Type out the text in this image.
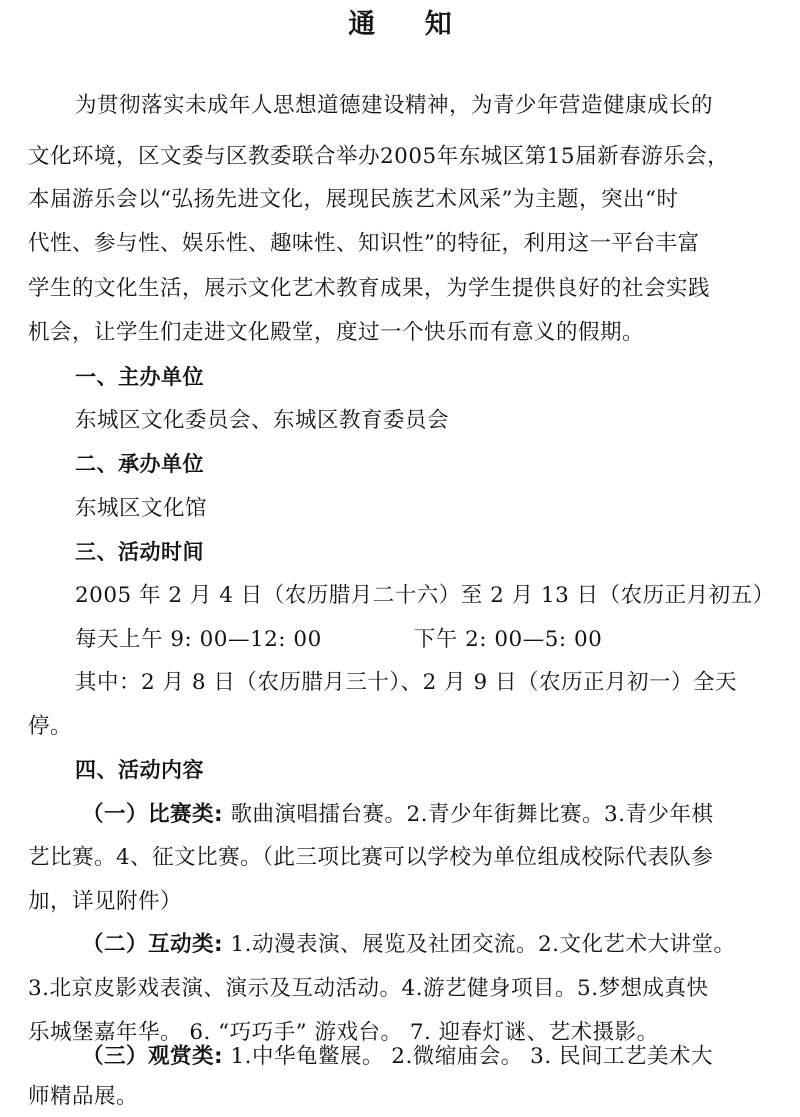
通 知
为贯彻落实未成年人思想道德建设精神，为青少年营造健康成长的
文化环境，区文委与区教委联合举办2005年东城区第15届新春游乐会，
本届游乐会以“弘扬先进文化，展现民族艺术风采”为主题，突出“时
代性、参与性、娱乐性、趣味性、知识性”的特征，利用这一平台丰富
学生的文化生活，展示文化艺术教育成果，为学生提供良好的社会实践
机会，让学生们走进文化殿堂，度过一个快乐而有意义的假期。
一、主办单位
东城区文化委员会、东城区教育委员会
二、承办单位
东城区文化馆
三、活动时间
2005 年 2 月 4 日（农历腊月二十六）至 2 月 13 日（农历正月初五）
每天上午 9: 00—12: 00	下午 2: 00—5: 00
其中：2 月 8 日（农历腊月三十）、2 月 9 日（农历正月初一）全天
停。
四、活动内容
（一）比赛类: 歌曲演唱擂台赛。2.青少年街舞比赛。3.青少年棋
艺比赛。4、征文比赛。（此三项比赛可以学校为单位组成校际代表队参
加，详见附件）
（二）互动类: 1.动漫表演、展览及社团交流。2.文化艺术大讲堂。
3.北京皮影戏表演、演示及互动活动。4.游艺健身项目。5.梦想成真快
乐城堡嘉年华。 6. “巧巧手” 游戏台。 7. 迎春灯谜、艺术摄影。
（三）观赏类: 1.中华龟鳖展。 2.微缩庙会。 3. 民间工艺美术大
师精品展。
